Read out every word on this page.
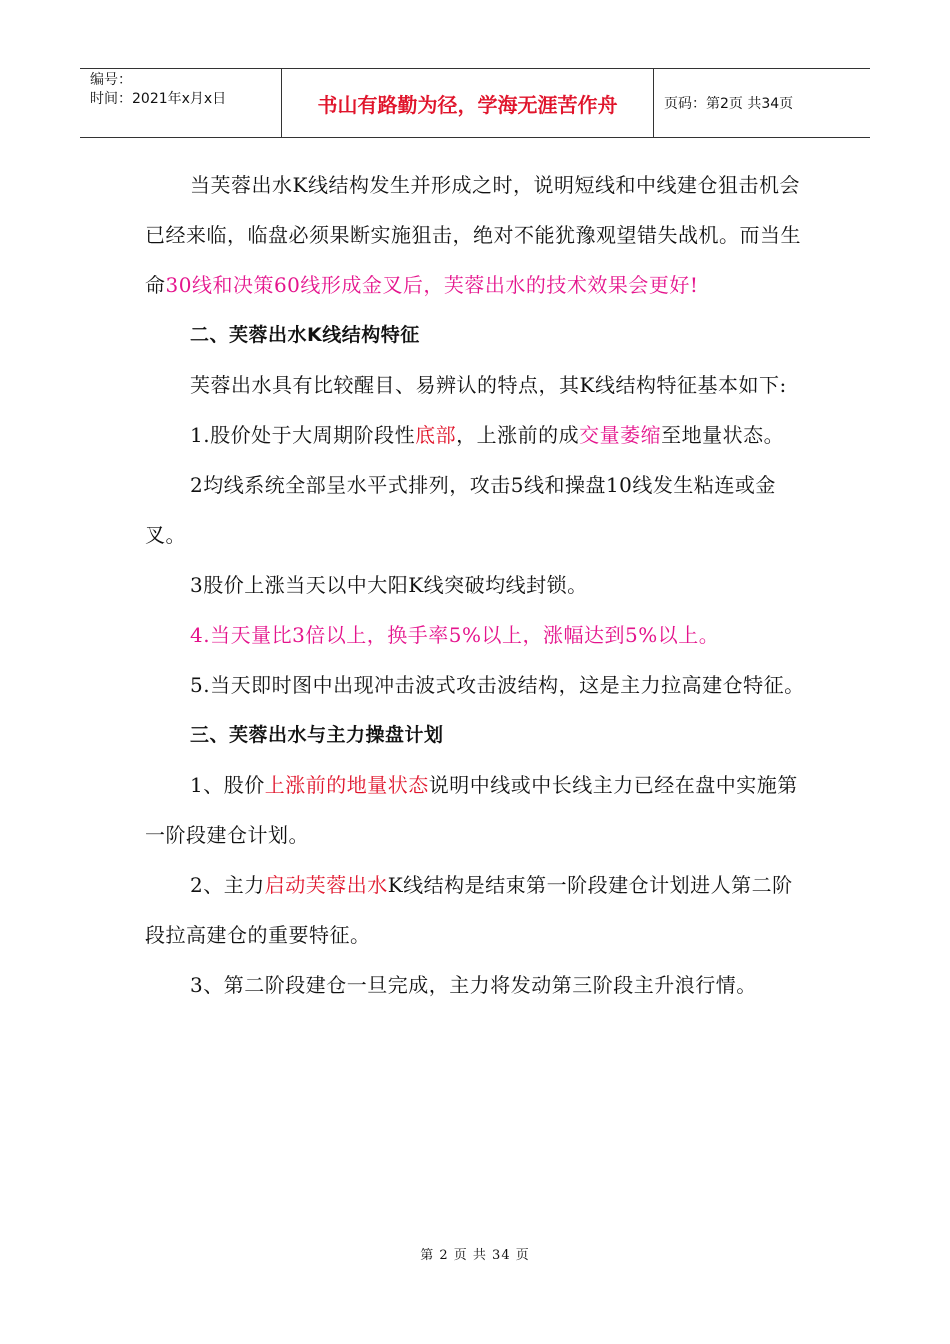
编号：
时间：2021年x月x日	书山有路勤为径，学海无涯苦作舟	页码：第2页 共34页

当芙蓉出水K线结构发生并形成之时，说明短线和中线建仓狙击机会已经来临，临盘必须果断实施狙击，绝对不能犹豫观望错失战机。而当生命30线和决策60线形成金叉后，芙蓉出水的技术效果会更好!

二、芙蓉出水K线结构特征

芙蓉出水具有比较醒目、易辨认的特点，其K线结构特征基本如下:

1.股价处于大周期阶段性底部，上涨前的成交量萎缩至地量状态。

2均线系统全部呈水平式排列，攻击5线和操盘10线发生粘连或金叉。

3股价上涨当天以中大阳K线突破均线封锁。

4.当天量比3倍以上，换手率5%以上，涨幅达到5%以上。

5.当天即时图中出现冲击波式攻击波结构，这是主力拉高建仓特征。

三、芙蓉出水与主力操盘计划

1、股价上涨前的地量状态说明中线或中长线主力已经在盘中实施第一阶段建仓计划。

2、主力启动芙蓉出水K线结构是结束第一阶段建仓计划进人第二阶段拉高建仓的重要特征。

3、第二阶段建仓一旦完成，主力将发动第三阶段主升浪行情。

第 2 页 共 34 页
